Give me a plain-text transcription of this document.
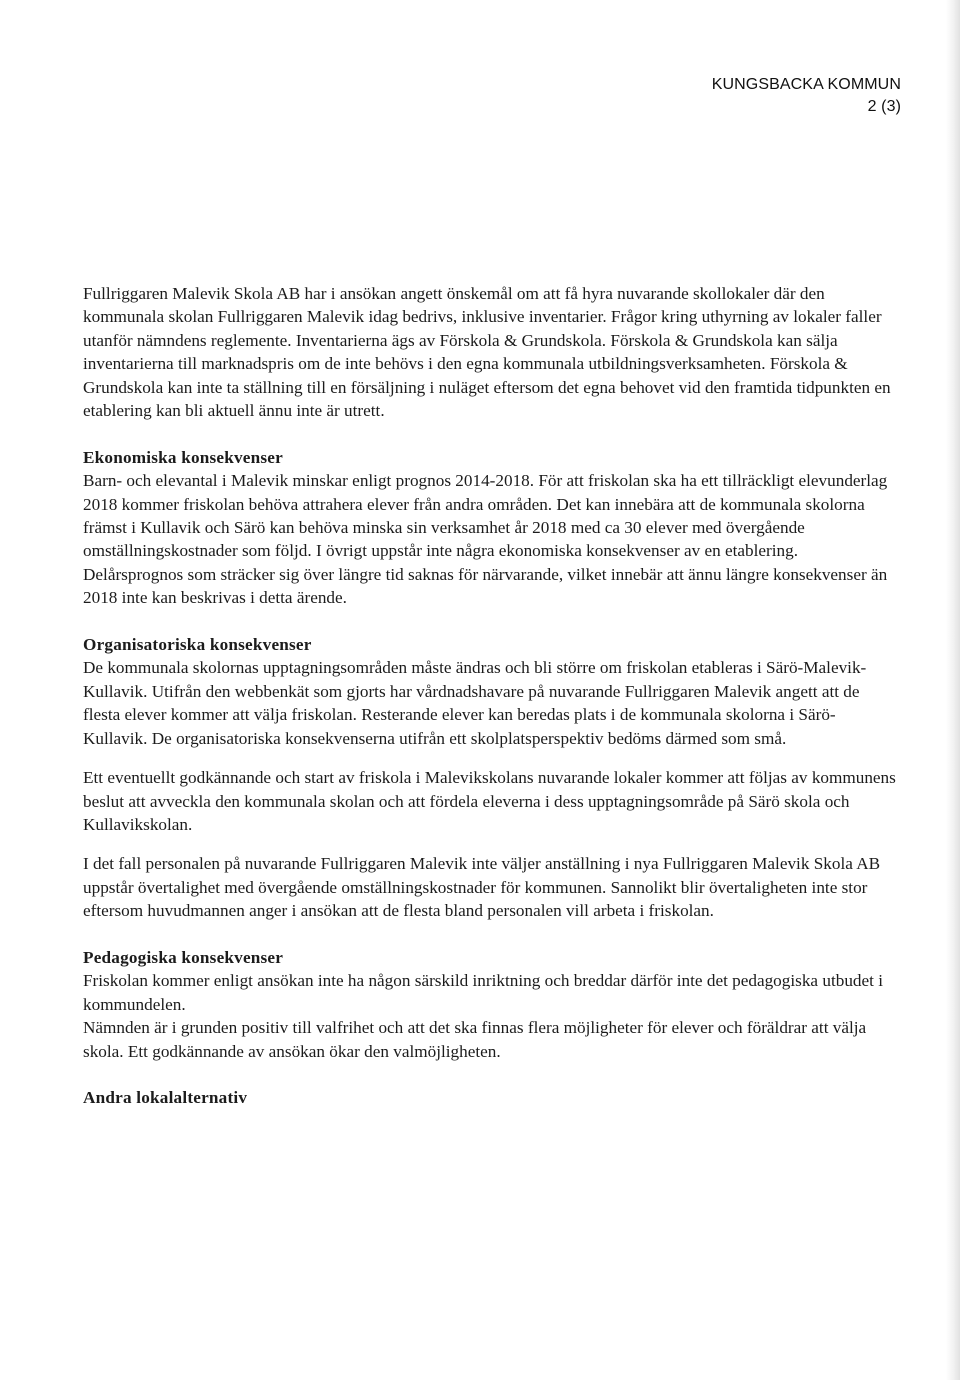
KUNGSBACKA KOMMUN
2 (3)

Fullriggaren Malevik Skola AB har i ansökan angett önskemål om att få hyra nuvarande skollokaler där den kommunala skolan Fullriggaren Malevik idag bedrivs, inklusive inventarier. Frågor kring uthyrning av lokaler faller utanför nämndens reglemente. Inventarierna ägs av Förskola & Grundskola. Förskola & Grundskola kan sälja inventarierna till marknadspris om de inte behövs i den egna kommunala utbildningsverksamheten. Förskola & Grundskola kan inte ta ställning till en försäljning i nuläget eftersom det egna behovet vid den framtida tidpunkten en etablering kan bli aktuell ännu inte är utrett.

Ekonomiska konsekvenser

Barn- och elevantal i Malevik minskar enligt prognos 2014-2018. För att friskolan ska ha ett tillräckligt elevunderlag 2018 kommer friskolan behöva attrahera elever från andra områden. Det kan innebära att de kommunala skolorna främst i Kullavik och Särö kan behöva minska sin verksamhet år 2018 med ca 30 elever med övergående omställningskostnader som följd. I övrigt uppstår inte några ekonomiska konsekvenser av en etablering. Delårsprognos som sträcker sig över längre tid saknas för närvarande, vilket innebär att ännu längre konsekvenser än 2018 inte kan beskrivas i detta ärende.

Organisatoriska konsekvenser

De kommunala skolornas upptagningsområden måste ändras och bli större om friskolan etableras i Särö-Malevik-Kullavik. Utifrån den webbenkät som gjorts har vårdnadshavare på nuvarande Fullriggaren Malevik angett att de flesta elever kommer att välja friskolan. Resterande elever kan beredas plats i de kommunala skolorna i Särö-Kullavik. De organisatoriska konsekvenserna utifrån ett skolplatsperspektiv bedöms därmed som små.

Ett eventuellt godkännande och start av friskola i Malevikskolans nuvarande lokaler kommer att följas av kommunens beslut att avveckla den kommunala skolan och att fördela eleverna i dess upptagningsområde på Särö skola och Kullavikskolan.

I det fall personalen på nuvarande Fullriggaren Malevik inte väljer anställning i nya Fullriggaren Malevik Skola AB uppstår övertalighet med övergående omställningskostnader för kommunen. Sannolikt blir övertaligheten inte stor eftersom huvudmannen anger i ansökan att de flesta bland personalen vill arbeta i friskolan.

Pedagogiska konsekvenser

Friskolan kommer enligt ansökan inte ha någon särskild inriktning och breddar därför inte det pedagogiska utbudet i kommundelen.

Nämnden är i grunden positiv till valfrihet och att det ska finnas flera möjligheter för elever och föräldrar att välja skola. Ett godkännande av ansökan ökar den valmöjligheten.

Andra lokalalternativ
